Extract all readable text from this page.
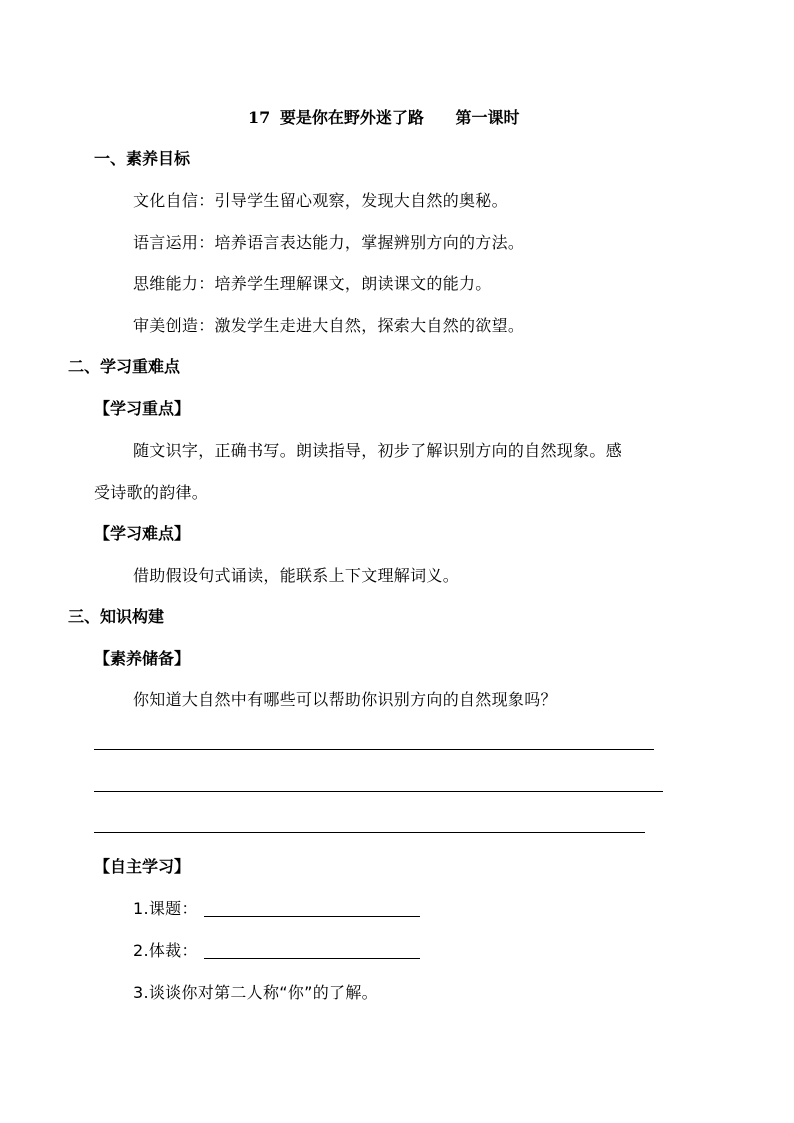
17 要是你在野外迷了路 第一课时
一、素养目标
文化自信：引导学生留心观察，发现大自然的奥秘。
语言运用：培养语言表达能力，掌握辨别方向的方法。
思维能力：培养学生理解课文，朗读课文的能力。
审美创造：激发学生走进大自然，探索大自然的欲望。
二、学习重难点
【学习重点】
随文识字，正确书写。朗读指导，初步了解识别方向的自然现象。感
受诗歌的韵律。
【学习难点】
借助假设句式诵读，能联系上下文理解词义。
三、知识构建
【素养储备】
你知道大自然中有哪些可以帮助你识别方向的自然现象吗？
【自主学习】
1.课题：
2.体裁：
3.谈谈你对第二人称“你”的了解。
